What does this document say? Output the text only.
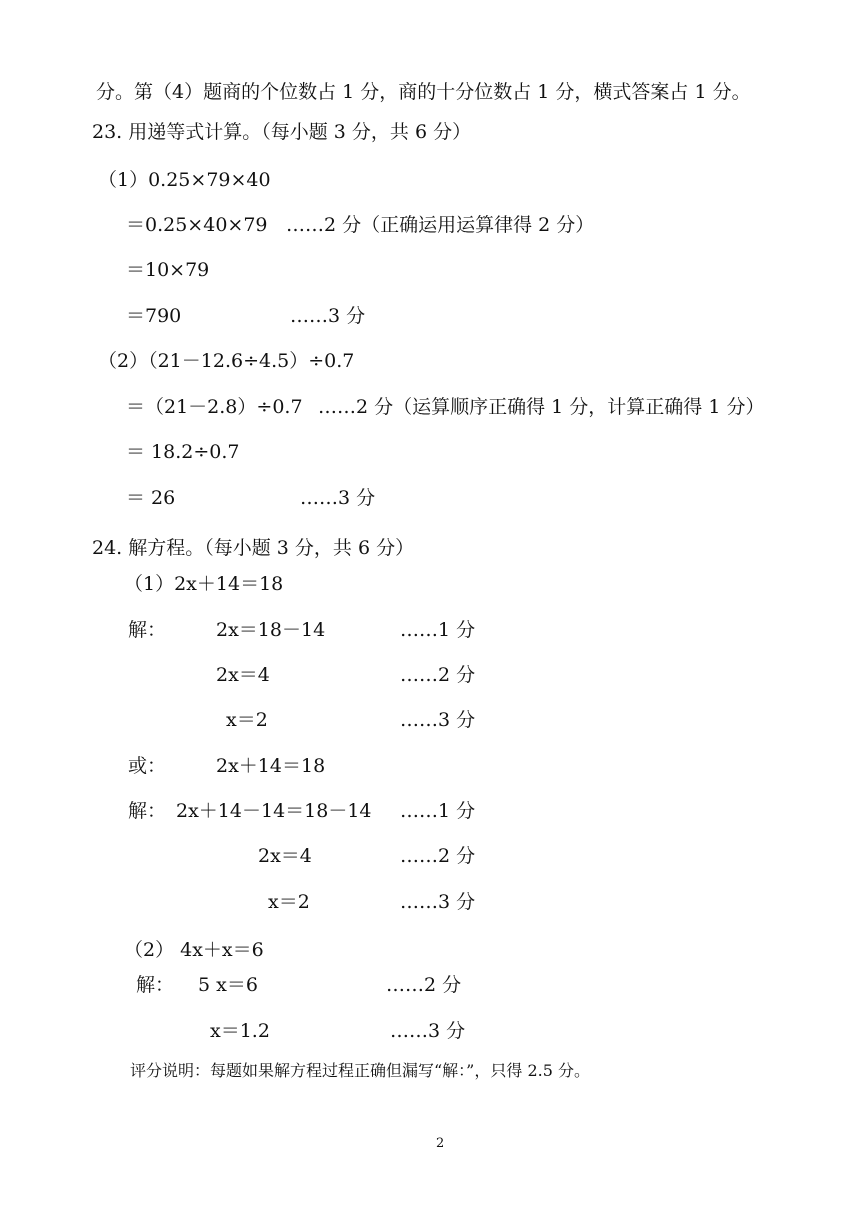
分。第（4）题商的个位数占 1 分，商的十分位数占 1 分，横式答案占 1 分。
23. 用递等式计算。（每小题 3 分，共 6 分）
（1）0.25×79×40
＝0.25×40×79 ……2 分（正确运用运算律得 2 分）
＝10×79
＝790	……3 分
（2）（21－12.6÷4.5）÷0.7
＝（21－2.8）÷0.7 ……2 分（运算顺序正确得 1 分，计算正确得 1 分）
＝ 18.2÷0.7
＝ 26	……3 分
24. 解方程。（每小题 3 分，共 6 分）
（1）2x＋14＝18
解：	2x＝18－14	……1 分
2x＝4	……2 分
x＝2	……3 分
或：	2x＋14＝18
解： 2x＋14－14＝18－14 ……1 分
2x＝4	……2 分
x＝2	……3 分
（2） 4x＋x＝6
解： 5 x＝6	……2 分
x＝1.2	……3 分
评分说明：每题如果解方程过程正确但漏写“解：”，只得 2.5 分。
2
